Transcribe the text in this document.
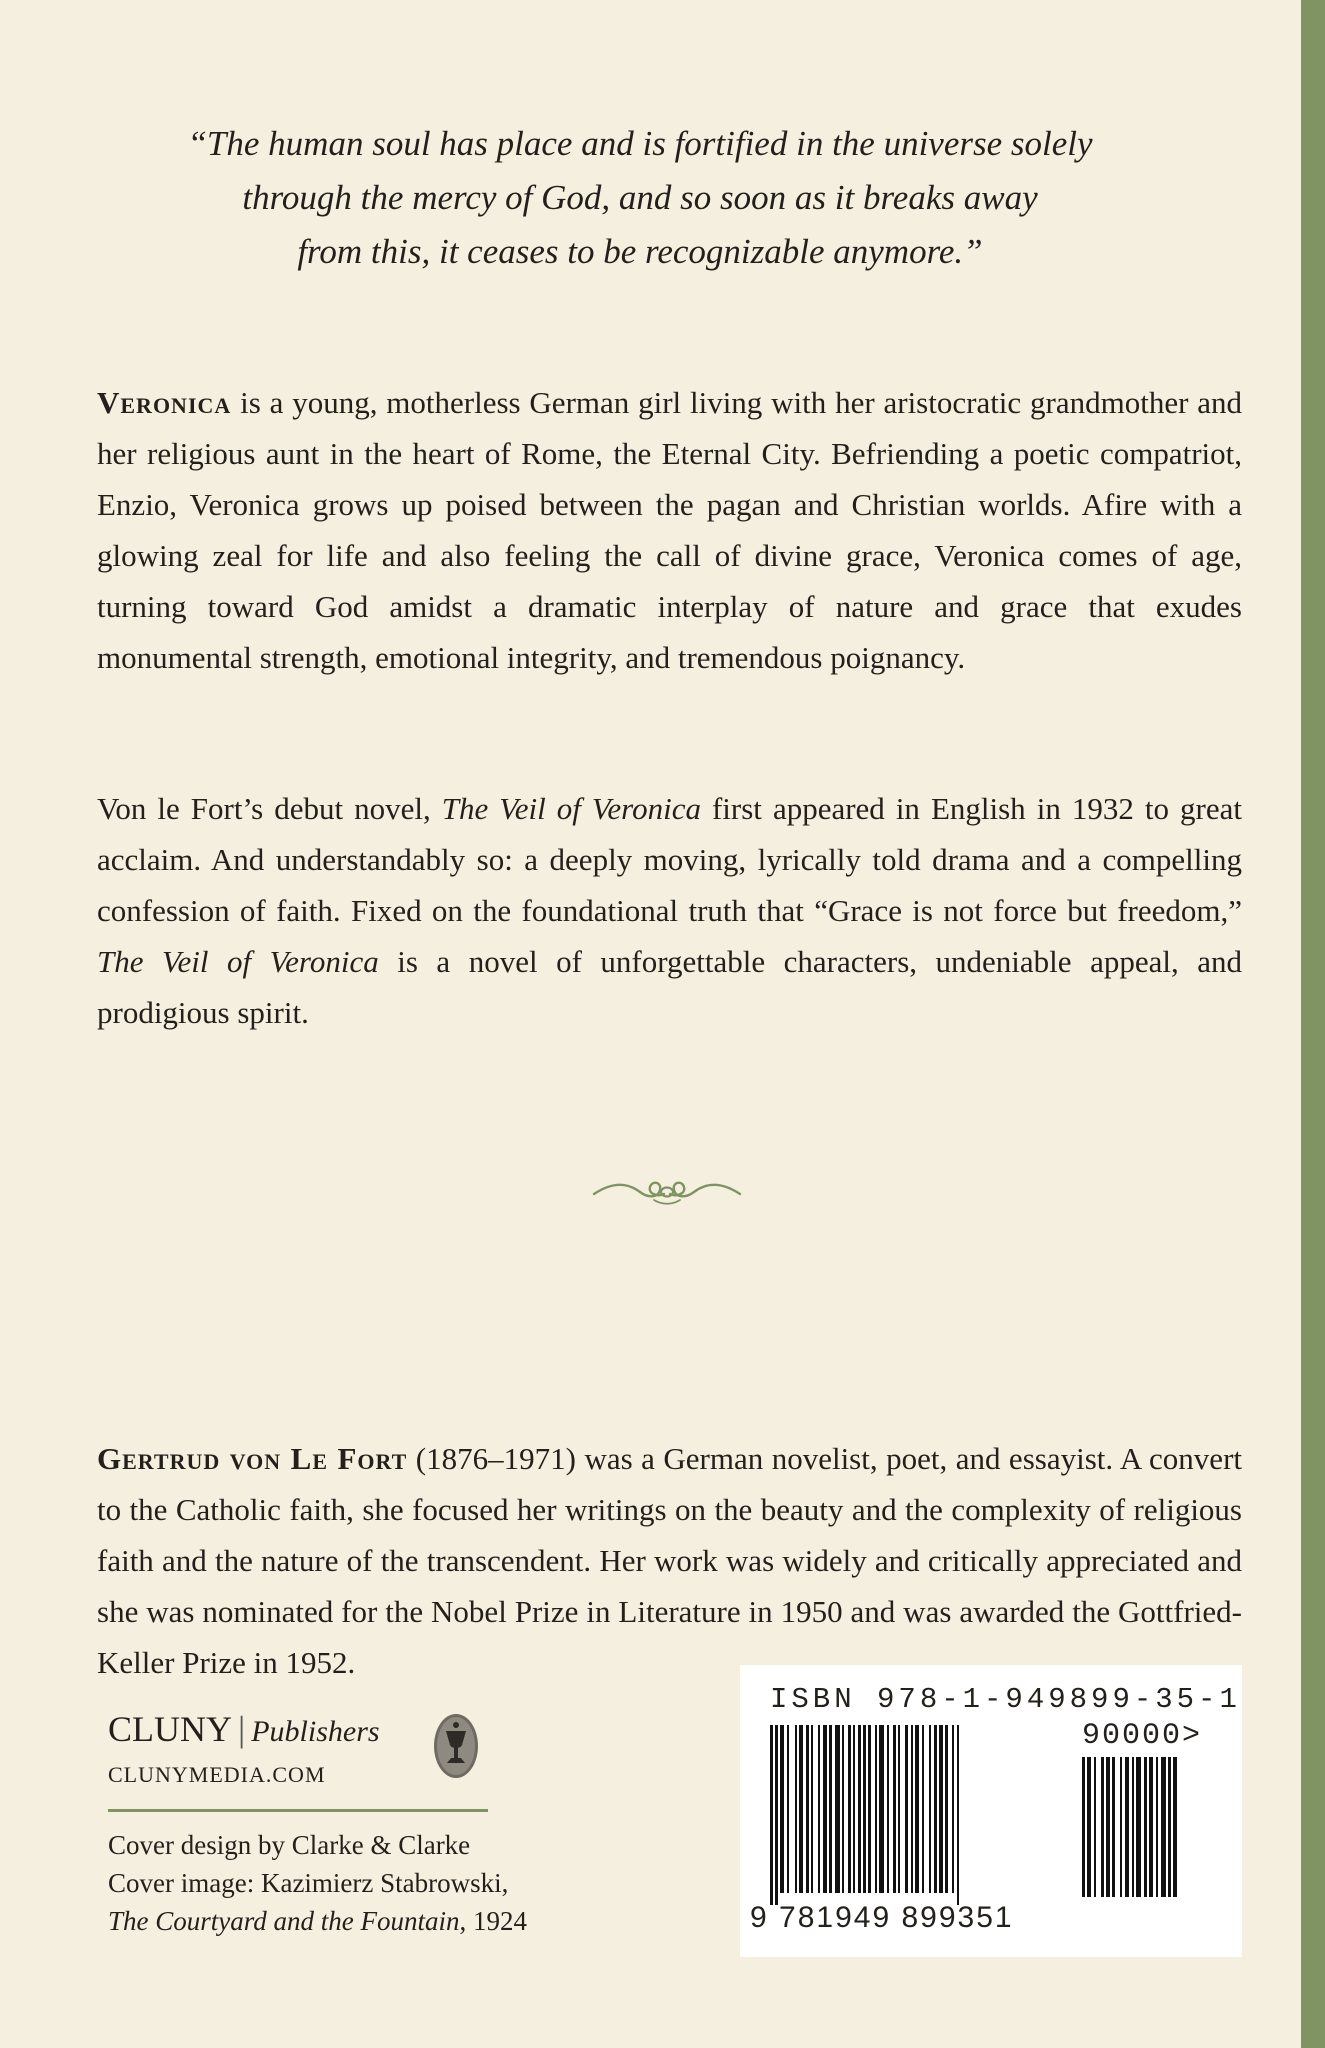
“The human soul has place and is fortified in the universe solely

through the mercy of God, and so soon as it breaks away

from this, it ceases to be recognizable anymore.”

Veronica is a young, motherless German girl living with her aristocratic grandmother and her religious aunt in the heart of Rome, the Eternal City. Befriending a poetic compatriot, Enzio, Veronica grows up poised between the pagan and Christian worlds. Afire with a glowing zeal for life and also feeling the call of divine grace, Veronica comes of age, turning toward God amidst a dramatic interplay of nature and grace that exudes monumental strength, emotional integrity, and tremendous poignancy.

Von le Fort’s debut novel, The Veil of Veronica first appeared in English in 1932 to great acclaim. And understandably so: a deeply moving, lyrically told drama and a compelling confession of faith. Fixed on the foundational truth that “Grace is not force but freedom,” The Veil of Veronica is a novel of unforgettable characters, undeniable appeal, and prodigious spirit.

Gertrud von Le Fort (1876–1971) was a German novelist, poet, and essayist. A convert to the Catholic faith, she focused her writings on the beauty and the complexity of religious faith and the nature of the transcendent. Her work was widely and critically appreciated and she was nominated for the Nobel Prize in Literature in 1950 and was awarded the Gottfried-Keller Prize in 1952.

CLUNY | Publishers
CLUNYMEDIA.COM
Cover design by Clarke & Clarke
Cover image: Kazimierz Stabrowski,
The Courtyard and the Fountain, 1924
ISBN 978-1-949899-35-1
90000>
9 781949 899351
